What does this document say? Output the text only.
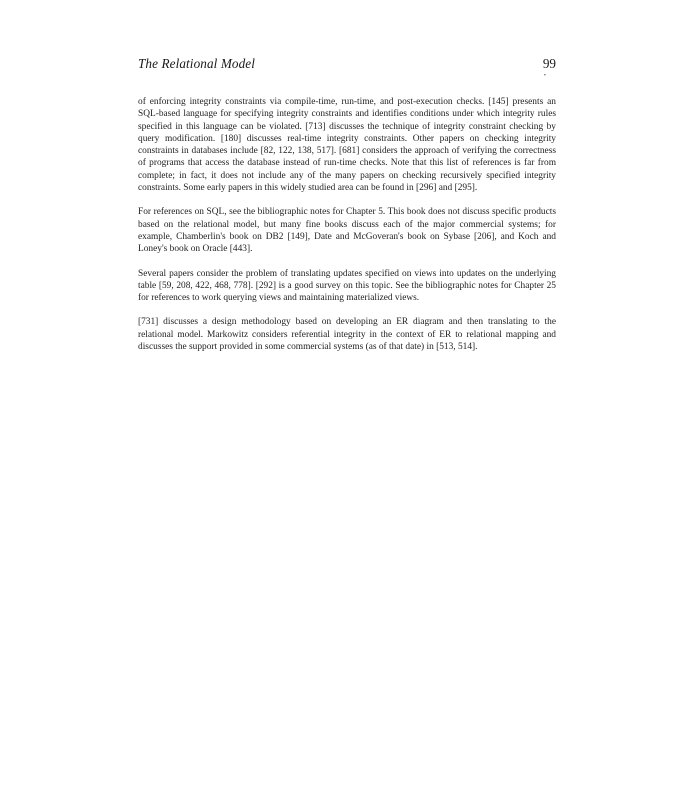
The Relational Model	99
•

of enforcing integrity constraints via compile-time, run-time, and post-execution checks. [145] presents an SQL-based language for specifying integrity constraints and identifies conditions under which integrity rules specified in this language can be violated. [713] discusses the technique of integrity constraint checking by query modification. [180] discusses real-time integrity constraints. Other papers on checking integrity constraints in databases include [82, 122, 138, 517]. [681] considers the approach of verifying the correctness of programs that access the database instead of run-time checks. Note that this list of references is far from complete; in fact, it does not include any of the many papers on checking recursively specified integrity constraints. Some early papers in this widely studied area can be found in [296] and [295].

For references on SQL, see the bibliographic notes for Chapter 5. This book does not discuss specific products based on the relational model, but many fine books discuss each of the major commercial systems; for example, Chamberlin's book on DB2 [149], Date and McGoveran's book on Sybase [206], and Koch and Loney's book on Oracle [443].

Several papers consider the problem of translating updates specified on views into updates on the underlying table [59, 208, 422, 468, 778]. [292] is a good survey on this topic. See the bibliographic notes for Chapter 25 for references to work querying views and maintaining materialized views.

[731] discusses a design methodology based on developing an ER diagram and then translating to the relational model. Markowitz considers referential integrity in the context of ER to relational mapping and discusses the support provided in some commercial systems (as of that date) in [513, 514].
